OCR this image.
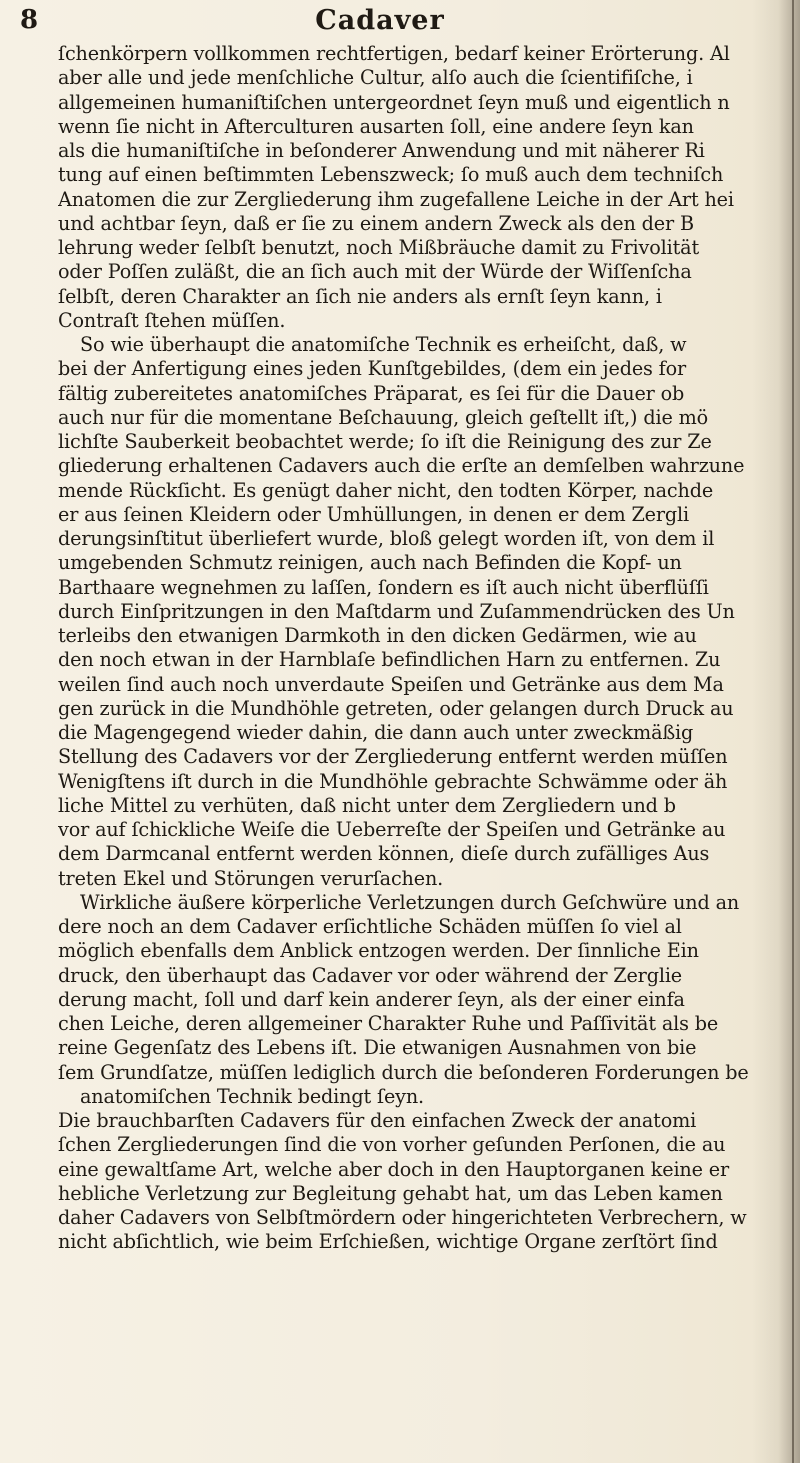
8	Cadaver
ſchenkörpern vollkommen rechtfertigen, bedarf keiner Erörterung. Al
aber alle und jede menſchliche Cultur, alſo auch die ſcientifiſche, i
allgemeinen humaniſtiſchen untergeordnet ſeyn muß und eigentlich n
wenn ſie nicht in Afterculturen ausarten ſoll, eine andere ſeyn kan
als die humaniſtiſche in beſonderer Anwendung und mit näherer Ri
tung auf einen beſtimmten Lebenszweck; ſo muß auch dem techniſch
Anatomen die zur Zergliederung ihm zugefallene Leiche in der Art hei
und achtbar ſeyn, daß er ſie zu einem andern Zweck als den der B
lehrung weder ſelbſt benutzt, noch Mißbräuche damit zu Frivolität
oder Poſſen zuläßt, die an ſich auch mit der Würde der Wiſſenſcha
ſelbſt, deren Charakter an ſich nie anders als ernſt ſeyn kann, i
Contraſt ſtehen müſſen.
So wie überhaupt die anatomiſche Technik es erheiſcht, daß, w
bei der Anfertigung eines jeden Kunſtgebildes, (dem ein jedes for
fältig zubereitetes anatomiſches Präparat, es ſei für die Dauer ob
auch nur für die momentane Beſchauung, gleich geſtellt iſt,) die mö
lichſte Sauberkeit beobachtet werde; ſo iſt die Reinigung des zur Ze
gliederung erhaltenen Cadavers auch die erſte an demſelben wahrzune
mende Rückſicht. Es genügt daher nicht, den todten Körper, nachde
er aus ſeinen Kleidern oder Umhüllungen, in denen er dem Zergli
derungsinſtitut überliefert wurde, bloß gelegt worden iſt, von dem il
umgebenden Schmutz reinigen, auch nach Befinden die Kopf- un
Barthaare wegnehmen zu laſſen, ſondern es iſt auch nicht überflüſſi
durch Einſpritzungen in den Maſtdarm und Zuſammendrücken des Un
terleibs den etwanigen Darmkoth in den dicken Gedärmen, wie au
den noch etwan in der Harnblaſe befindlichen Harn zu entfernen. Zu
weilen ſind auch noch unverdaute Speiſen und Getränke aus dem Ma
gen zurück in die Mundhöhle getreten, oder gelangen durch Druck au
die Magengegend wieder dahin, die dann auch unter zweckmäßig
Stellung des Cadavers vor der Zergliederung entfernt werden müſſen
Wenigſtens iſt durch in die Mundhöhle gebrachte Schwämme oder äh
liche Mittel zu verhüten, daß nicht unter dem Zergliedern und b
vor auf ſchickliche Weiſe die Ueberreſte der Speiſen und Getränke au
dem Darmcanal entfernt werden können, dieſe durch zufälliges Aus
treten Ekel und Störungen verurſachen.
Wirkliche äußere körperliche Verletzungen durch Geſchwüre und an
dere noch an dem Cadaver erſichtliche Schäden müſſen ſo viel al
möglich ebenfalls dem Anblick entzogen werden. Der ſinnliche Ein
druck, den überhaupt das Cadaver vor oder während der Zerglie
derung macht, ſoll und darf kein anderer ſeyn, als der einer einfa
chen Leiche, deren allgemeiner Charakter Ruhe und Paſſivität als be
reine Gegenſatz des Lebens iſt. Die etwanigen Ausnahmen von bie
ſem Grundſatze, müſſen lediglich durch die beſonderen Forderungen be
anatomiſchen Technik bedingt ſeyn.
Die brauchbarſten Cadavers für den einfachen Zweck der anatomi
ſchen Zergliederungen ſind die von vorher geſunden Perſonen, die au
eine gewaltſame Art, welche aber doch in den Hauptorganen keine er
hebliche Verletzung zur Begleitung gehabt hat, um das Leben kamen
daher Cadavers von Selbſtmördern oder hingerichteten Verbrechern, w
nicht abſichtlich, wie beim Erſchießen, wichtige Organe zerſtört ſind
